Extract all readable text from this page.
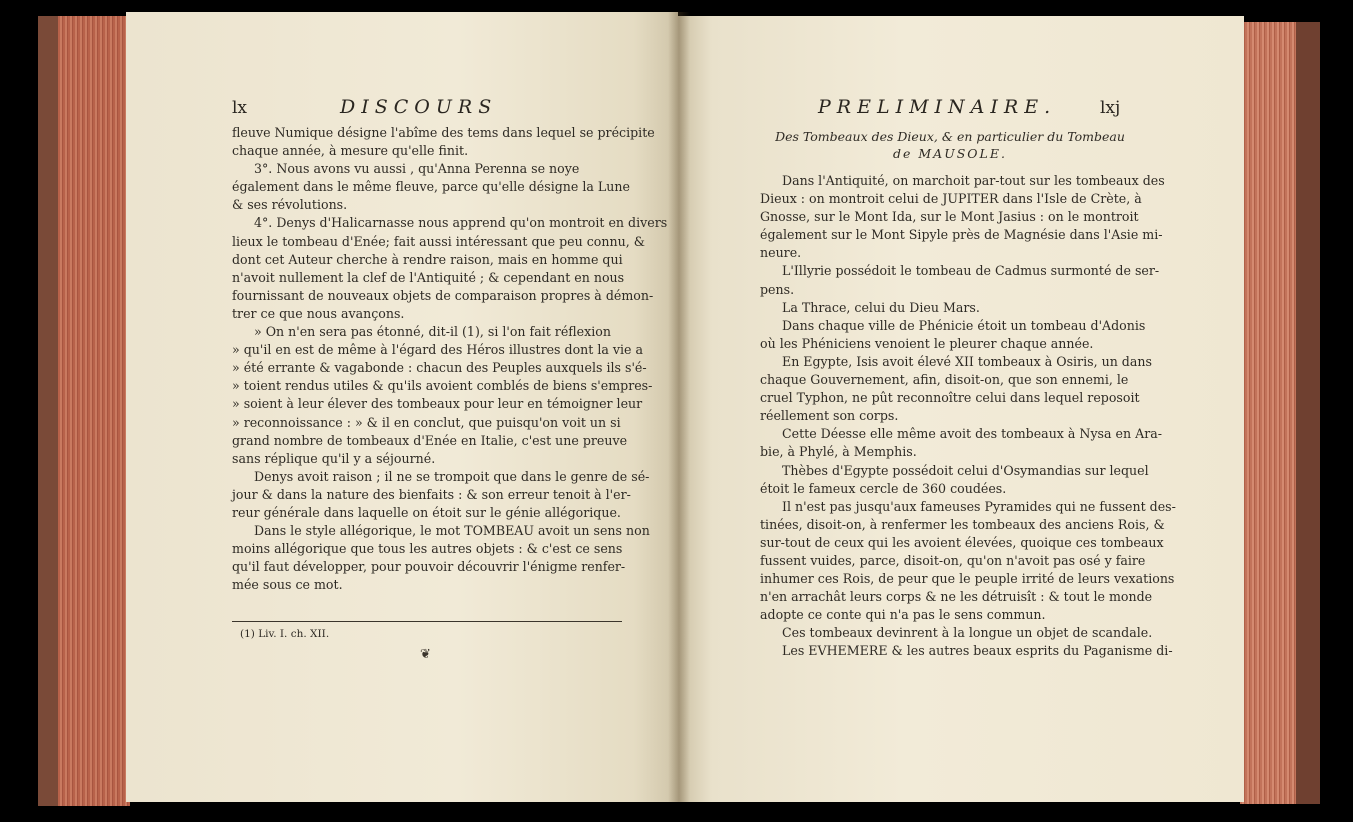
lx	DISCOURS
fleuve Numique désigne l'abîme des tems dans lequel se précipite
chaque année, à mesure qu'elle finit.
3°. Nous avons vu aussi , qu'Anna Perenna se noye
également dans le même fleuve, parce qu'elle désigne la Lune
& ses révolutions.
4°. Denys d'Halicarnasse nous apprend qu'on montroit en divers
lieux le tombeau d'Enée; fait aussi intéressant que peu connu, &
dont cet Auteur cherche à rendre raison, mais en homme qui
n'avoit nullement la clef de l'Antiquité ; & cependant en nous
fournissant de nouveaux objets de comparaison propres à démon-
trer ce que nous avançons.
» On n'en sera pas étonné, dit-il (1), si l'on fait réflexion
» qu'il en est de même à l'égard des Héros illustres dont la vie a
» été errante & vagabonde : chacun des Peuples auxquels ils s'é-
» toient rendus utiles & qu'ils avoient comblés de biens s'empres-
» soient à leur élever des tombeaux pour leur en témoigner leur
» reconnoissance : » & il en conclut, que puisqu'on voit un si
grand nombre de tombeaux d'Enée en Italie, c'est une preuve
sans réplique qu'il y a séjourné.
Denys avoit raison ; il ne se trompoit que dans le genre de sé-
jour & dans la nature des bienfaits : & son erreur tenoit à l'er-
reur générale dans laquelle on étoit sur le génie allégorique.
Dans le style allégorique, le mot TOMBEAU avoit un sens non
moins allégorique que tous les autres objets : & c'est ce sens
qu'il faut développer, pour pouvoir découvrir l'énigme renfer-
mée sous ce mot.
(1) Liv. I. ch. XII.
❦
PRELIMINAIRE.	lxj
Des Tombeaux des Dieux, & en particulier du Tombeau
de MAUSOLE.
Dans l'Antiquité, on marchoit par-tout sur les tombeaux des
Dieux : on montroit celui de JUPITER dans l'Isle de Crète, à
Gnosse, sur le Mont Ida, sur le Mont Jasius : on le montroit
également sur le Mont Sipyle près de Magnésie dans l'Asie mi-
neure.
L'Illyrie possédoit le tombeau de Cadmus surmonté de ser-
pens.
La Thrace, celui du Dieu Mars.
Dans chaque ville de Phénicie étoit un tombeau d'Adonis
où les Phéniciens venoient le pleurer chaque année.
En Egypte, Isis avoit élevé XII tombeaux à Osiris, un dans
chaque Gouvernement, afin, disoit-on, que son ennemi, le
cruel Typhon, ne pût reconnoître celui dans lequel reposoit
réellement son corps.
Cette Déesse elle même avoit des tombeaux à Nysa en Ara-
bie, à Phylé, à Memphis.
Thèbes d'Egypte possédoit celui d'Osymandias sur lequel
étoit le fameux cercle de 360 coudées.
Il n'est pas jusqu'aux fameuses Pyramides qui ne fussent des-
tinées, disoit-on, à renfermer les tombeaux des anciens Rois, &
sur-tout de ceux qui les avoient élevées, quoique ces tombeaux
fussent vuides, parce, disoit-on, qu'on n'avoit pas osé y faire
inhumer ces Rois, de peur que le peuple irrité de leurs vexations
n'en arrachât leurs corps & ne les détruisît : & tout le monde
adopte ce conte qui n'a pas le sens commun.
Ces tombeaux devinrent à la longue un objet de scandale.
Les EVHEMERE & les autres beaux esprits du Paganisme di-
